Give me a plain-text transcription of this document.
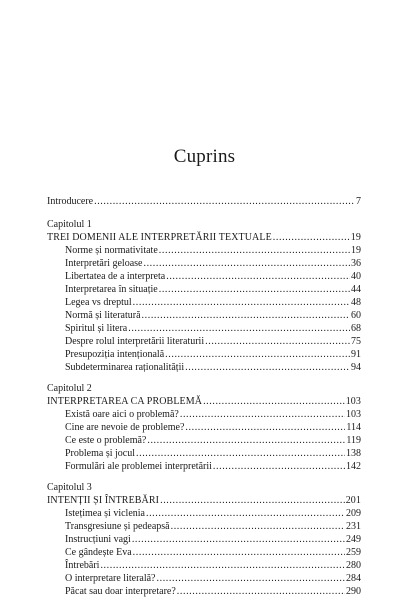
Cuprins
Introducere .....	7
Capitolul 1
TREI DOMENII ALE INTERPRETĂRII TEXTUALE .....	19
Norme și normativitate .....	19
Interpretări geloase .....	36
Libertatea de a interpreta .....	40
Interpretarea în situație .....	44
Legea vs dreptul .....	48
Normă și literatură .....	60
Spiritul și litera .....	68
Despre rolul interpretării literaturii .....	75
Presupoziția intențională .....	91
Subdeterminarea raționalității .....	94
Capitolul 2
INTERPRETAREA CA PROBLEMĂ .....	103
Există oare aici o problemă? .....	103
Cine are nevoie de probleme? .....	114
Ce este o problemă? .....	119
Problema și jocul .....	138
Formulări ale problemei interpretării .....	142
Capitolul 3
INTENȚII ȘI ÎNTREBĂRI .....	201
Istețimea și viclenia .....	209
Transgresiune și pedeapsă .....	231
Instrucțiuni vagi .....	249
Ce gândește Eva .....	259
Întrebări .....	280
O interpretare literală? .....	284
Păcat sau doar interpretare? .....	290
